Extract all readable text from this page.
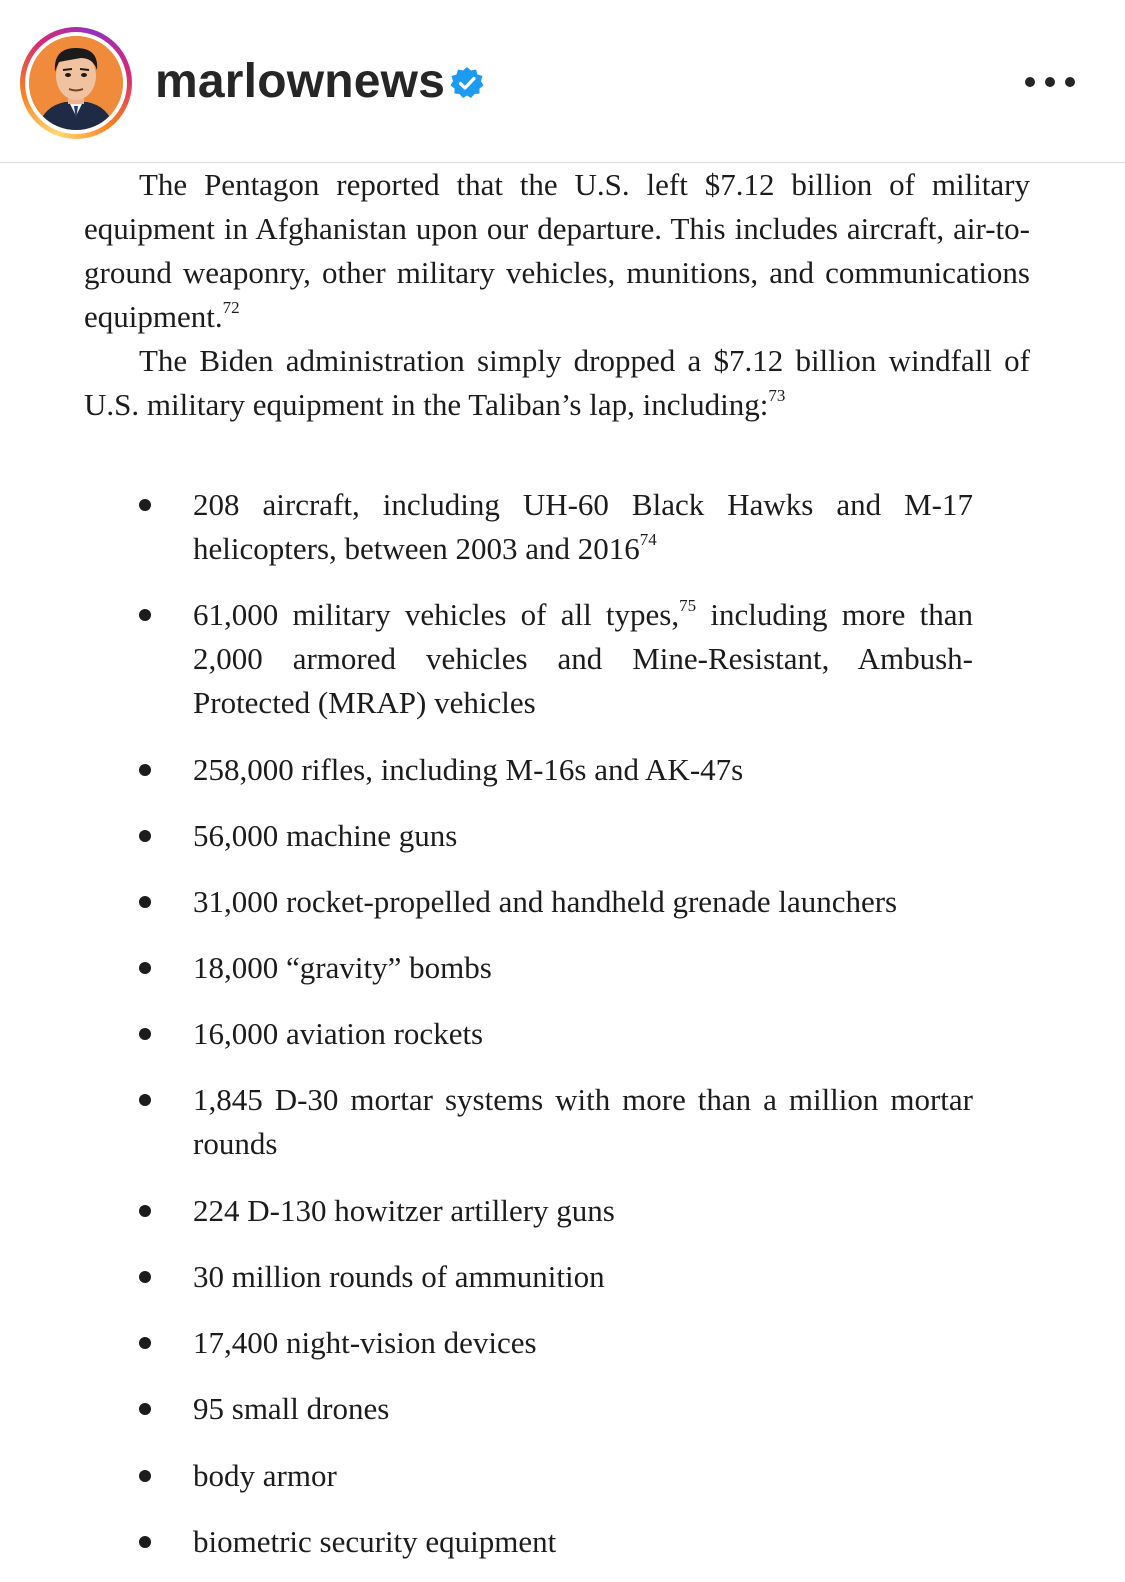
marlownews

The Pentagon reported that the U.S. left $7.12 billion of military equipment in Afghanistan upon our departure. This includes aircraft, air-to-ground weaponry, other military vehicles, munitions, and communications equipment.$^{72}$

The Biden administration simply dropped a $7.12 billion windfall of U.S. military equipment in the Taliban’s lap, including:$^{73}$

208 aircraft, including UH-60 Black Hawks and M-17 helicopters, between 2003 and 2016$^{74}$
61,000 military vehicles of all types,$^{75}$ including more than 2,000 armored vehicles and Mine-Resistant, Ambush-Protected (MRAP) vehicles
258,000 rifles, including M-16s and AK-47s
56,000 machine guns
31,000 rocket-propelled and handheld grenade launchers
18,000 “gravity” bombs
16,000 aviation rockets
1,845 D-30 mortar systems with more than a million mortar rounds
224 D-130 howitzer artillery guns
30 million rounds of ammunition
17,400 night-vision devices
95 small drones
body armor
biometric security equipment
